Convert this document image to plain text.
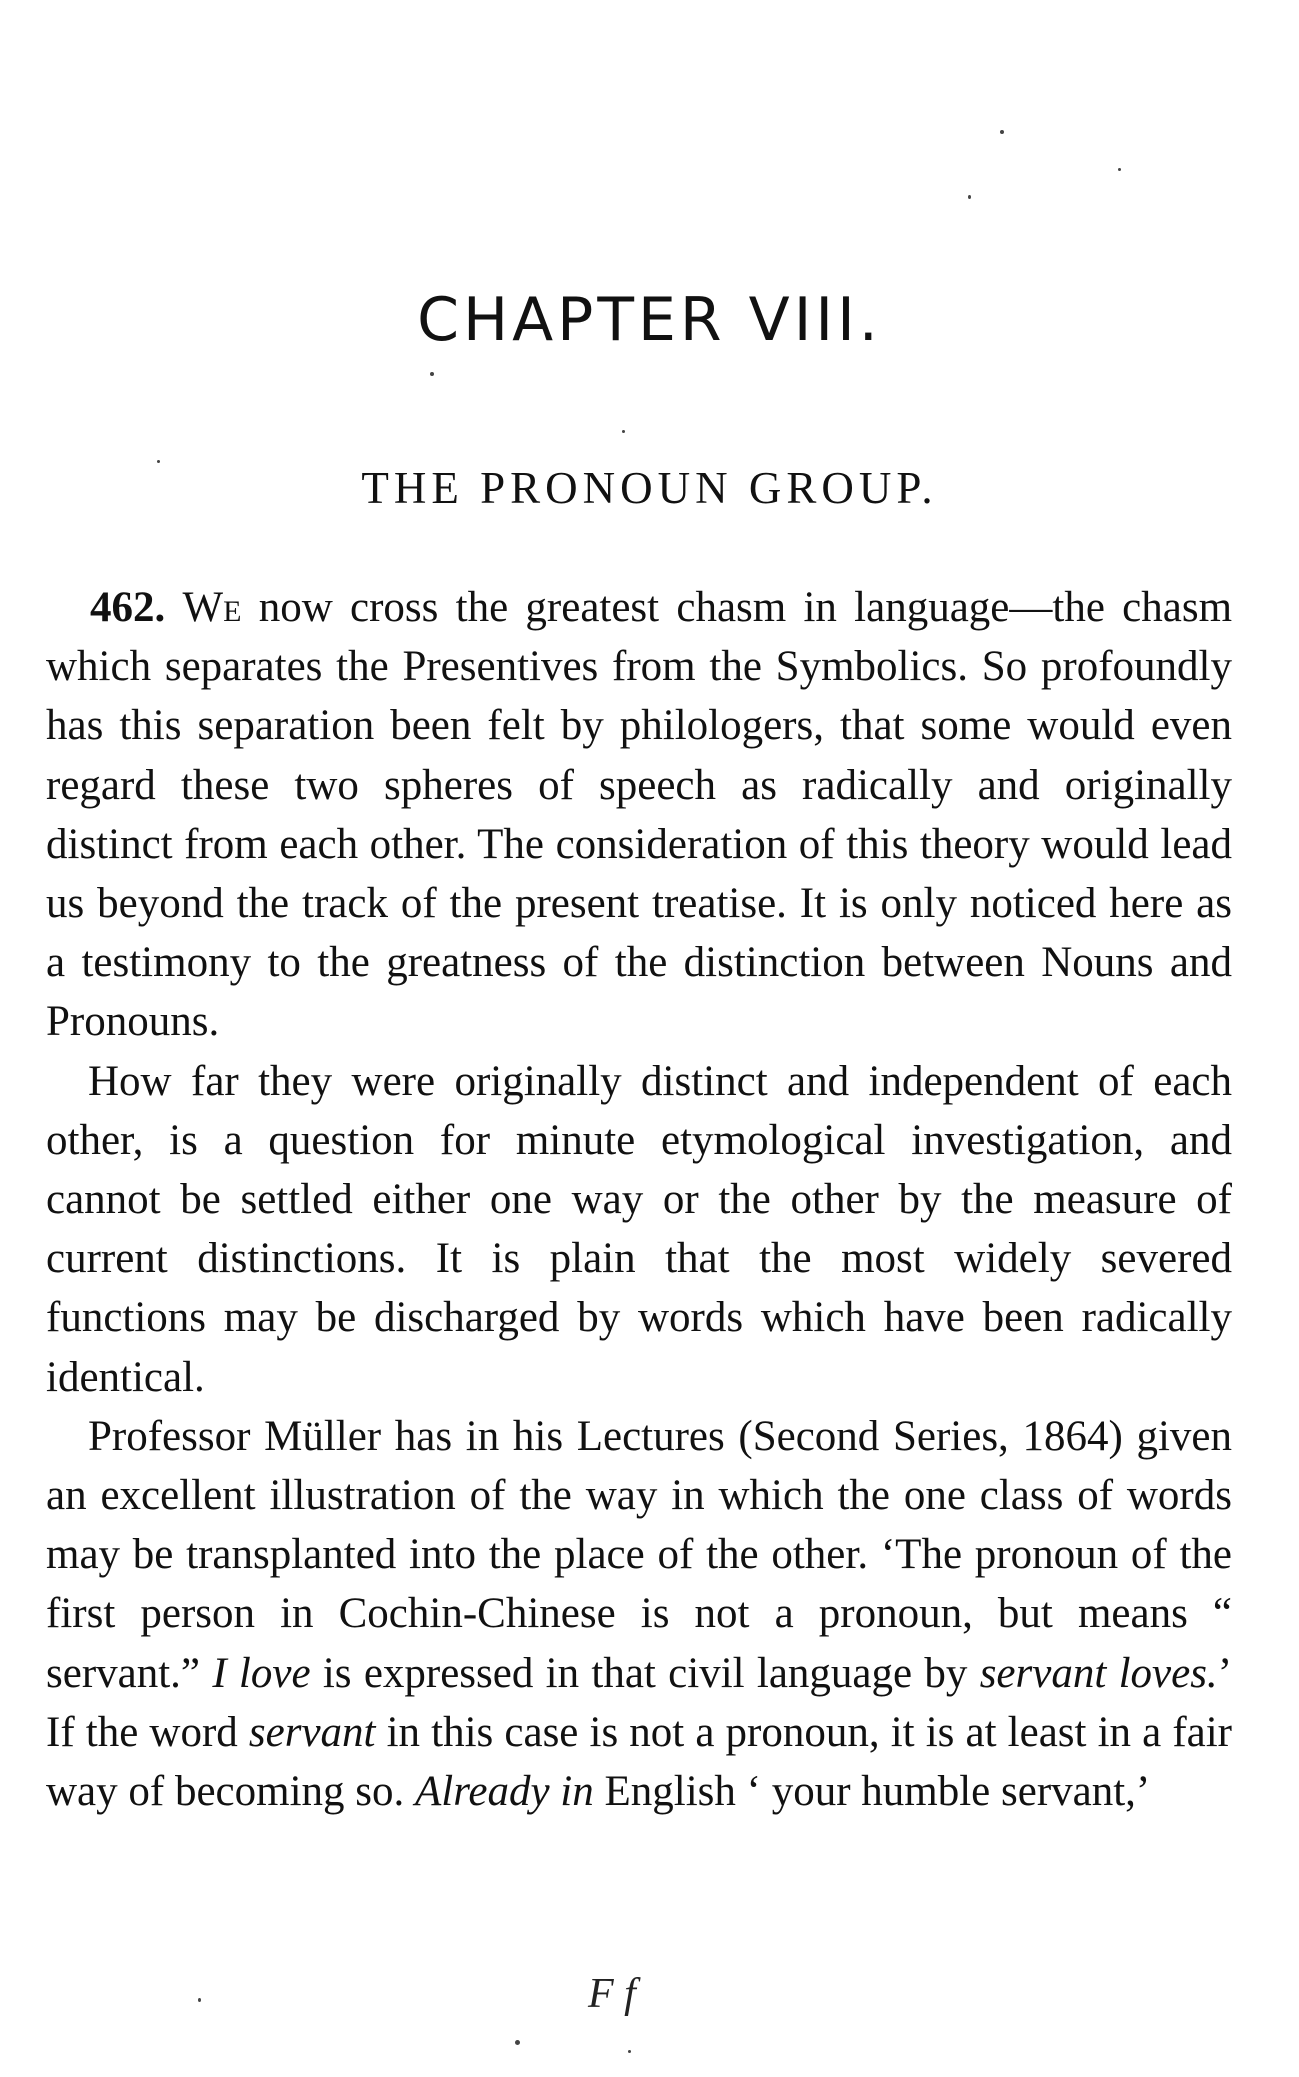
CHAPTER VIII.
THE PRONOUN GROUP.

462. We now cross the greatest chasm in language—the chasm which separates the Presentives from the Symbolics. So profoundly has this separation been felt by philologers, that some would even regard these two spheres of speech as radically and originally distinct from each other. The consideration of this theory would lead us beyond the track of the present treatise. It is only noticed here as a testimony to the greatness of the distinction between Nouns and Pronouns.

How far they were originally distinct and independent of each other, is a question for minute etymological investigation, and cannot be settled either one way or the other by the measure of current distinctions. It is plain that the most widely severed functions may be discharged by words which have been radically identical.

Professor Müller has in his Lectures (Second Series, 1864) given an excellent illustration of the way in which the one class of words may be transplanted into the place of the other. ‘The pronoun of the first person in Cochin-Chinese is not a pronoun, but means “ servant.” I love is expressed in that civil language by servant loves.’ If the word servant in this case is not a pronoun, it is at least in a fair way of becoming so. Already in English ‘ your humble servant,’

F f
